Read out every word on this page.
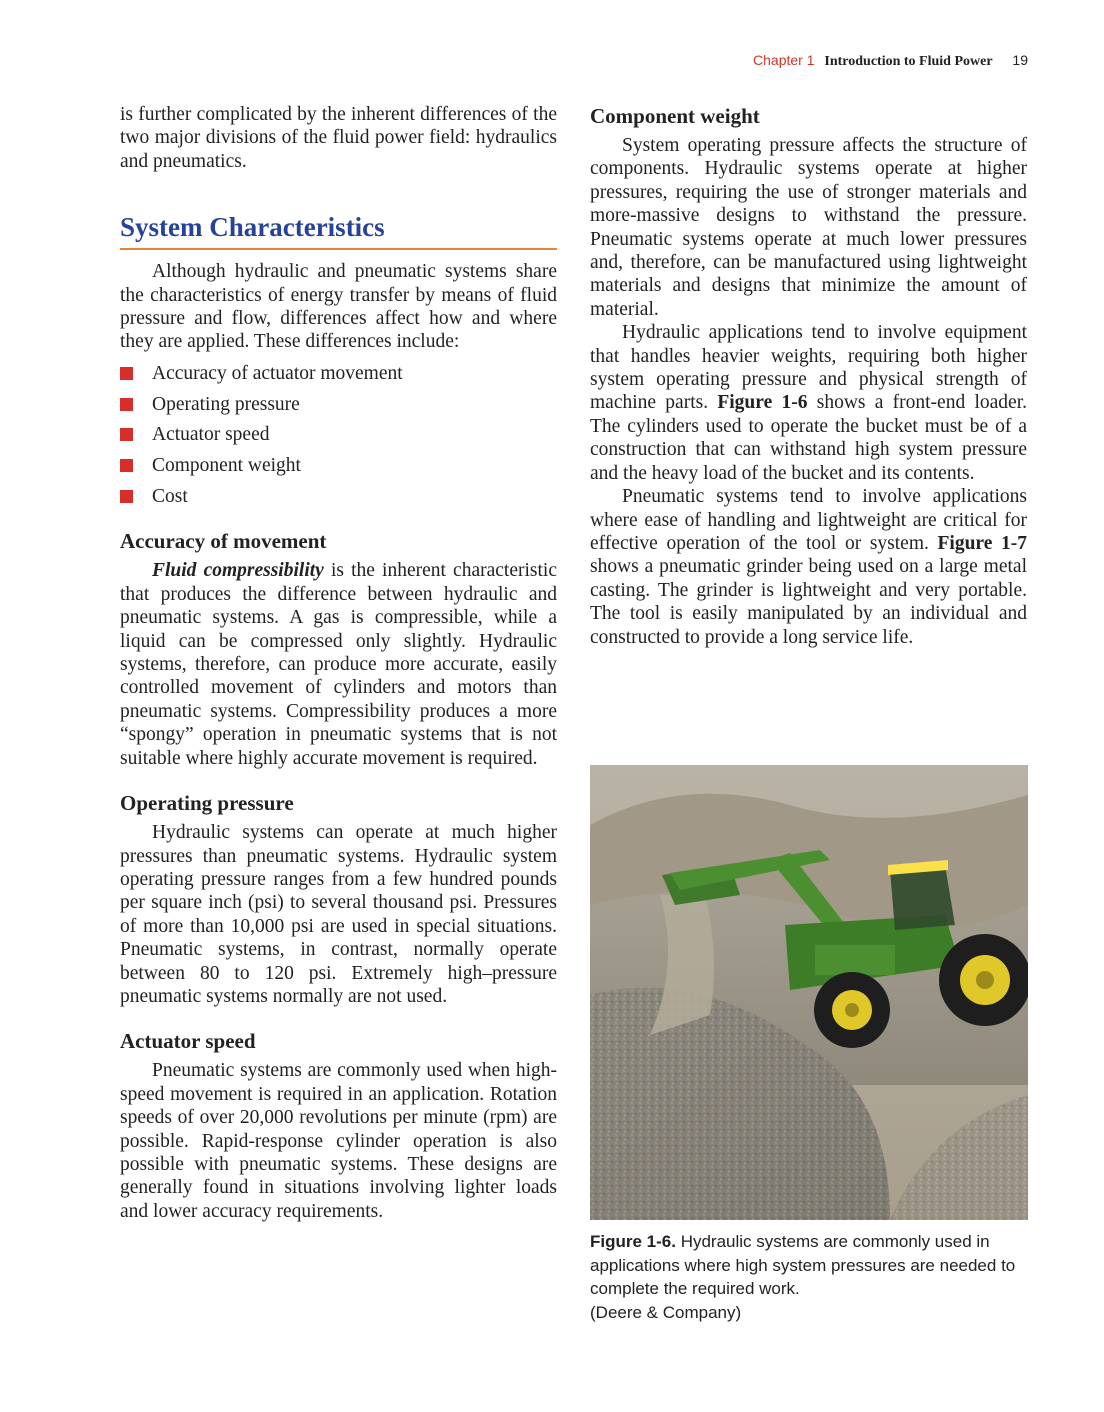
Chapter 1 Introduction to Fluid Power 19

is further complicated by the inherent differences of the two major divisions of the fluid power field: hydraulics and pneumatics.

System Characteristics

Although hydraulic and pneumatic systems share the characteristics of energy transfer by means of fluid pressure and flow, differences affect how and where they are applied. These differences include:

Accuracy of actuator movement
Operating pressure
Actuator speed
Component weight
Cost
Accuracy of movement

Fluid compressibility is the inherent characteristic that produces the difference between hydraulic and pneumatic systems. A gas is compressible, while a liquid can be compressed only slightly. Hydraulic systems, therefore, can produce more accurate, easily controlled movement of cylinders and motors than pneumatic systems. Compressibility produces a more “spongy” operation in pneumatic systems that is not suitable where highly accurate movement is required.

Operating pressure

Hydraulic systems can operate at much higher pressures than pneumatic systems. Hydraulic system operating pressure ranges from a few hundred pounds per square inch (psi) to several thousand psi. Pressures of more than 10,000 psi are used in special situations. Pneumatic systems, in contrast, normally operate between 80 to 120 psi. Extremely high–pressure pneumatic systems normally are not used.

Actuator speed

Pneumatic systems are commonly used when high-speed movement is required in an application. Rotation speeds of over 20,000 revolutions per minute (rpm) are possible. Rapid-response cylinder operation is also possible with pneumatic systems. These designs are generally found in situations involving lighter loads and lower accuracy requirements.

Component weight

System operating pressure affects the structure of components. Hydraulic systems operate at higher pressures, requiring the use of stronger materials and more-massive designs to withstand the pressure. Pneumatic systems operate at much lower pressures and, therefore, can be manufactured using lightweight materials and designs that minimize the amount of material.

Hydraulic applications tend to involve equipment that handles heavier weights, requiring both higher system operating pressure and physical strength of machine parts. Figure 1-6 shows a front-end loader. The cylinders used to operate the bucket must be of a construction that can withstand high system pressure and the heavy load of the bucket and its contents.

Pneumatic systems tend to involve applications where ease of handling and lightweight are critical for effective operation of the tool or system. Figure 1-7 shows a pneumatic grinder being used on a large metal casting. The grinder is lightweight and very portable. The tool is easily manipulated by an individual and constructed to provide a long service life.

Figure 1-6. Hydraulic systems are commonly used in applications where high system pressures are needed to complete the required work.
(Deere & Company)
